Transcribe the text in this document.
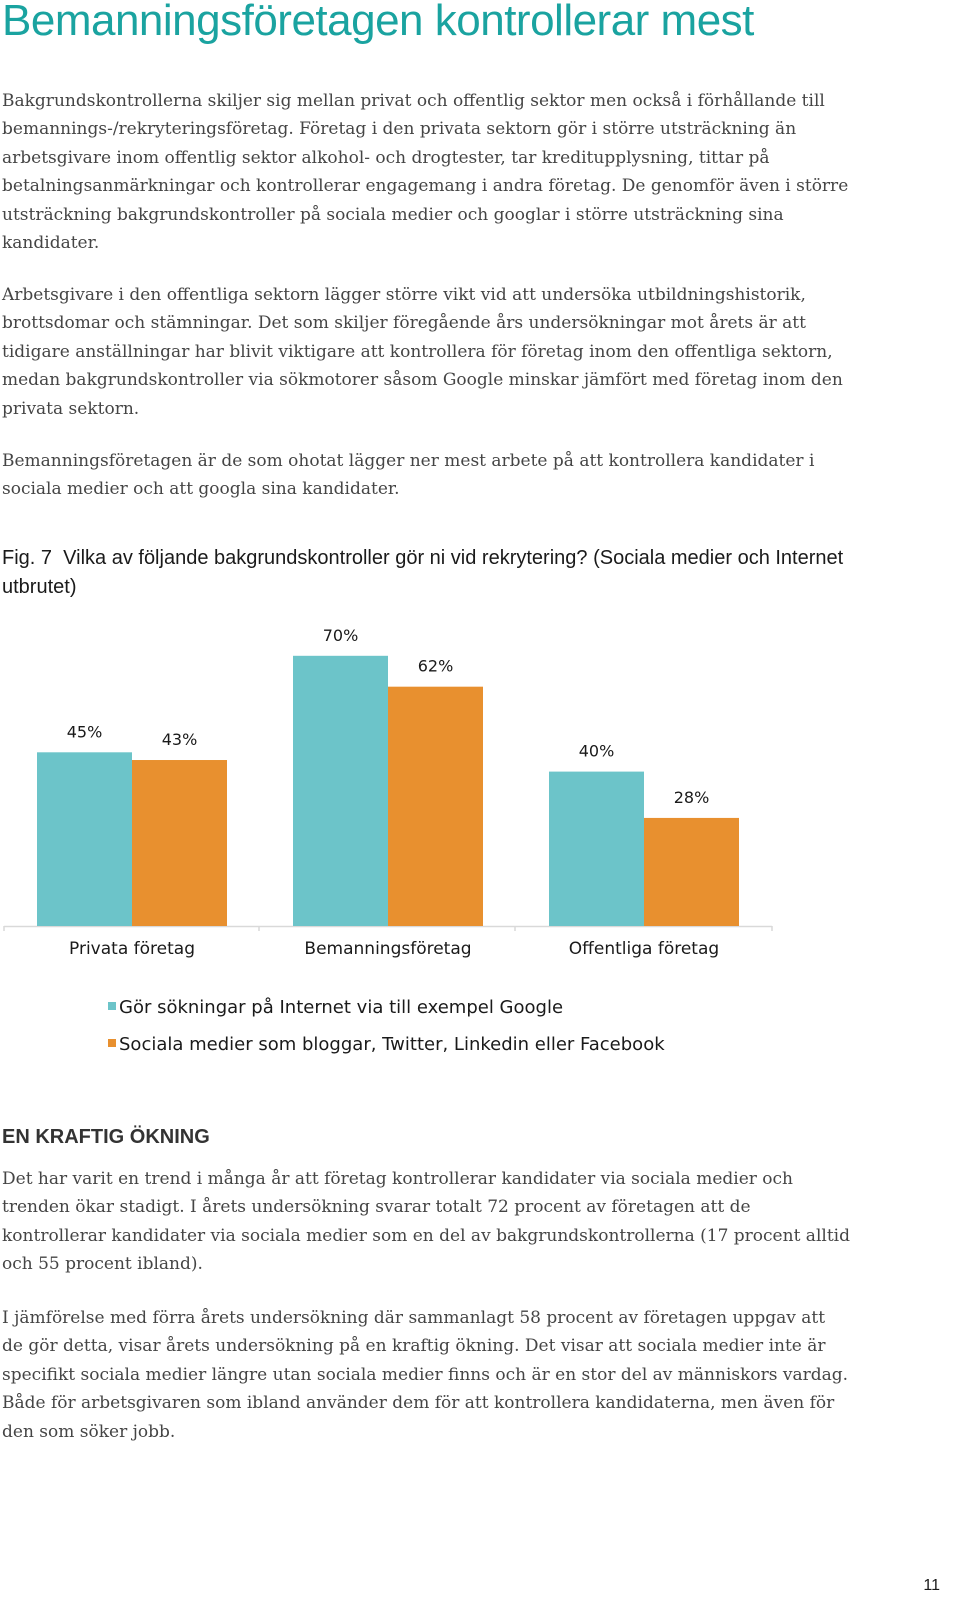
Bemanningsföretagen kontrollerar mest

Bakgrundskontrollerna skiljer sig mellan privat och offentlig sektor men också i förhållande till bemannings-/rekryteringsföretag. Företag i den privata sektorn gör i större utsträckning än arbetsgivare inom offentlig sektor alkohol- och drogtester, tar kreditupplysning, tittar på betalningsanmärkningar och kontrollerar engagemang i andra företag. De genomför även i större utsträckning bakgrundskontroller på sociala medier och googlar i större utsträckning sina kandidater.

Arbetsgivare i den offentliga sektorn lägger större vikt vid att undersöka utbildningshistorik, brottsdomar och stämningar. Det som skiljer föregående års undersökningar mot årets är att tidigare anställningar har blivit viktigare att kontrollera för företag inom den offentliga sektorn, medan bakgrundskontroller via sökmotorer såsom Google minskar jämfört med företag inom den privata sektorn.

Bemanningsföretagen är de som ohotat lägger ner mest arbete på att kontrollera kandidater i sociala medier och att googla sina kandidater.

Fig. 7 Vilka av följande bakgrundskontroller gör ni vid rekrytering? (Sociala medier och Internet utbrutet)

45%	43%
Privata företag
70%
62%
Bemanningsföretag
40%
28%
Offentliga företag
Gör sökningar på Internet via till exempel Google
Sociala medier som bloggar, Twitter, Linkedin eller Facebook
EN KRAFTIG ÖKNING

Det har varit en trend i många år att företag kontrollerar kandidater via sociala medier och trenden ökar stadigt. I årets undersökning svarar totalt 72 procent av företagen att de kontrollerar kandidater via sociala medier som en del av bakgrundskontrollerna (17 procent alltid och 55 procent ibland).

I jämförelse med förra årets undersökning där sammanlagt 58 procent av företagen uppgav att de gör detta, visar årets undersökning på en kraftig ökning. Det visar att sociala medier inte är specifikt sociala medier längre utan sociala medier finns och är en stor del av människors vardag. Både för arbetsgivaren som ibland använder dem för att kontrollera kandidaterna, men även för den som söker jobb.

11
